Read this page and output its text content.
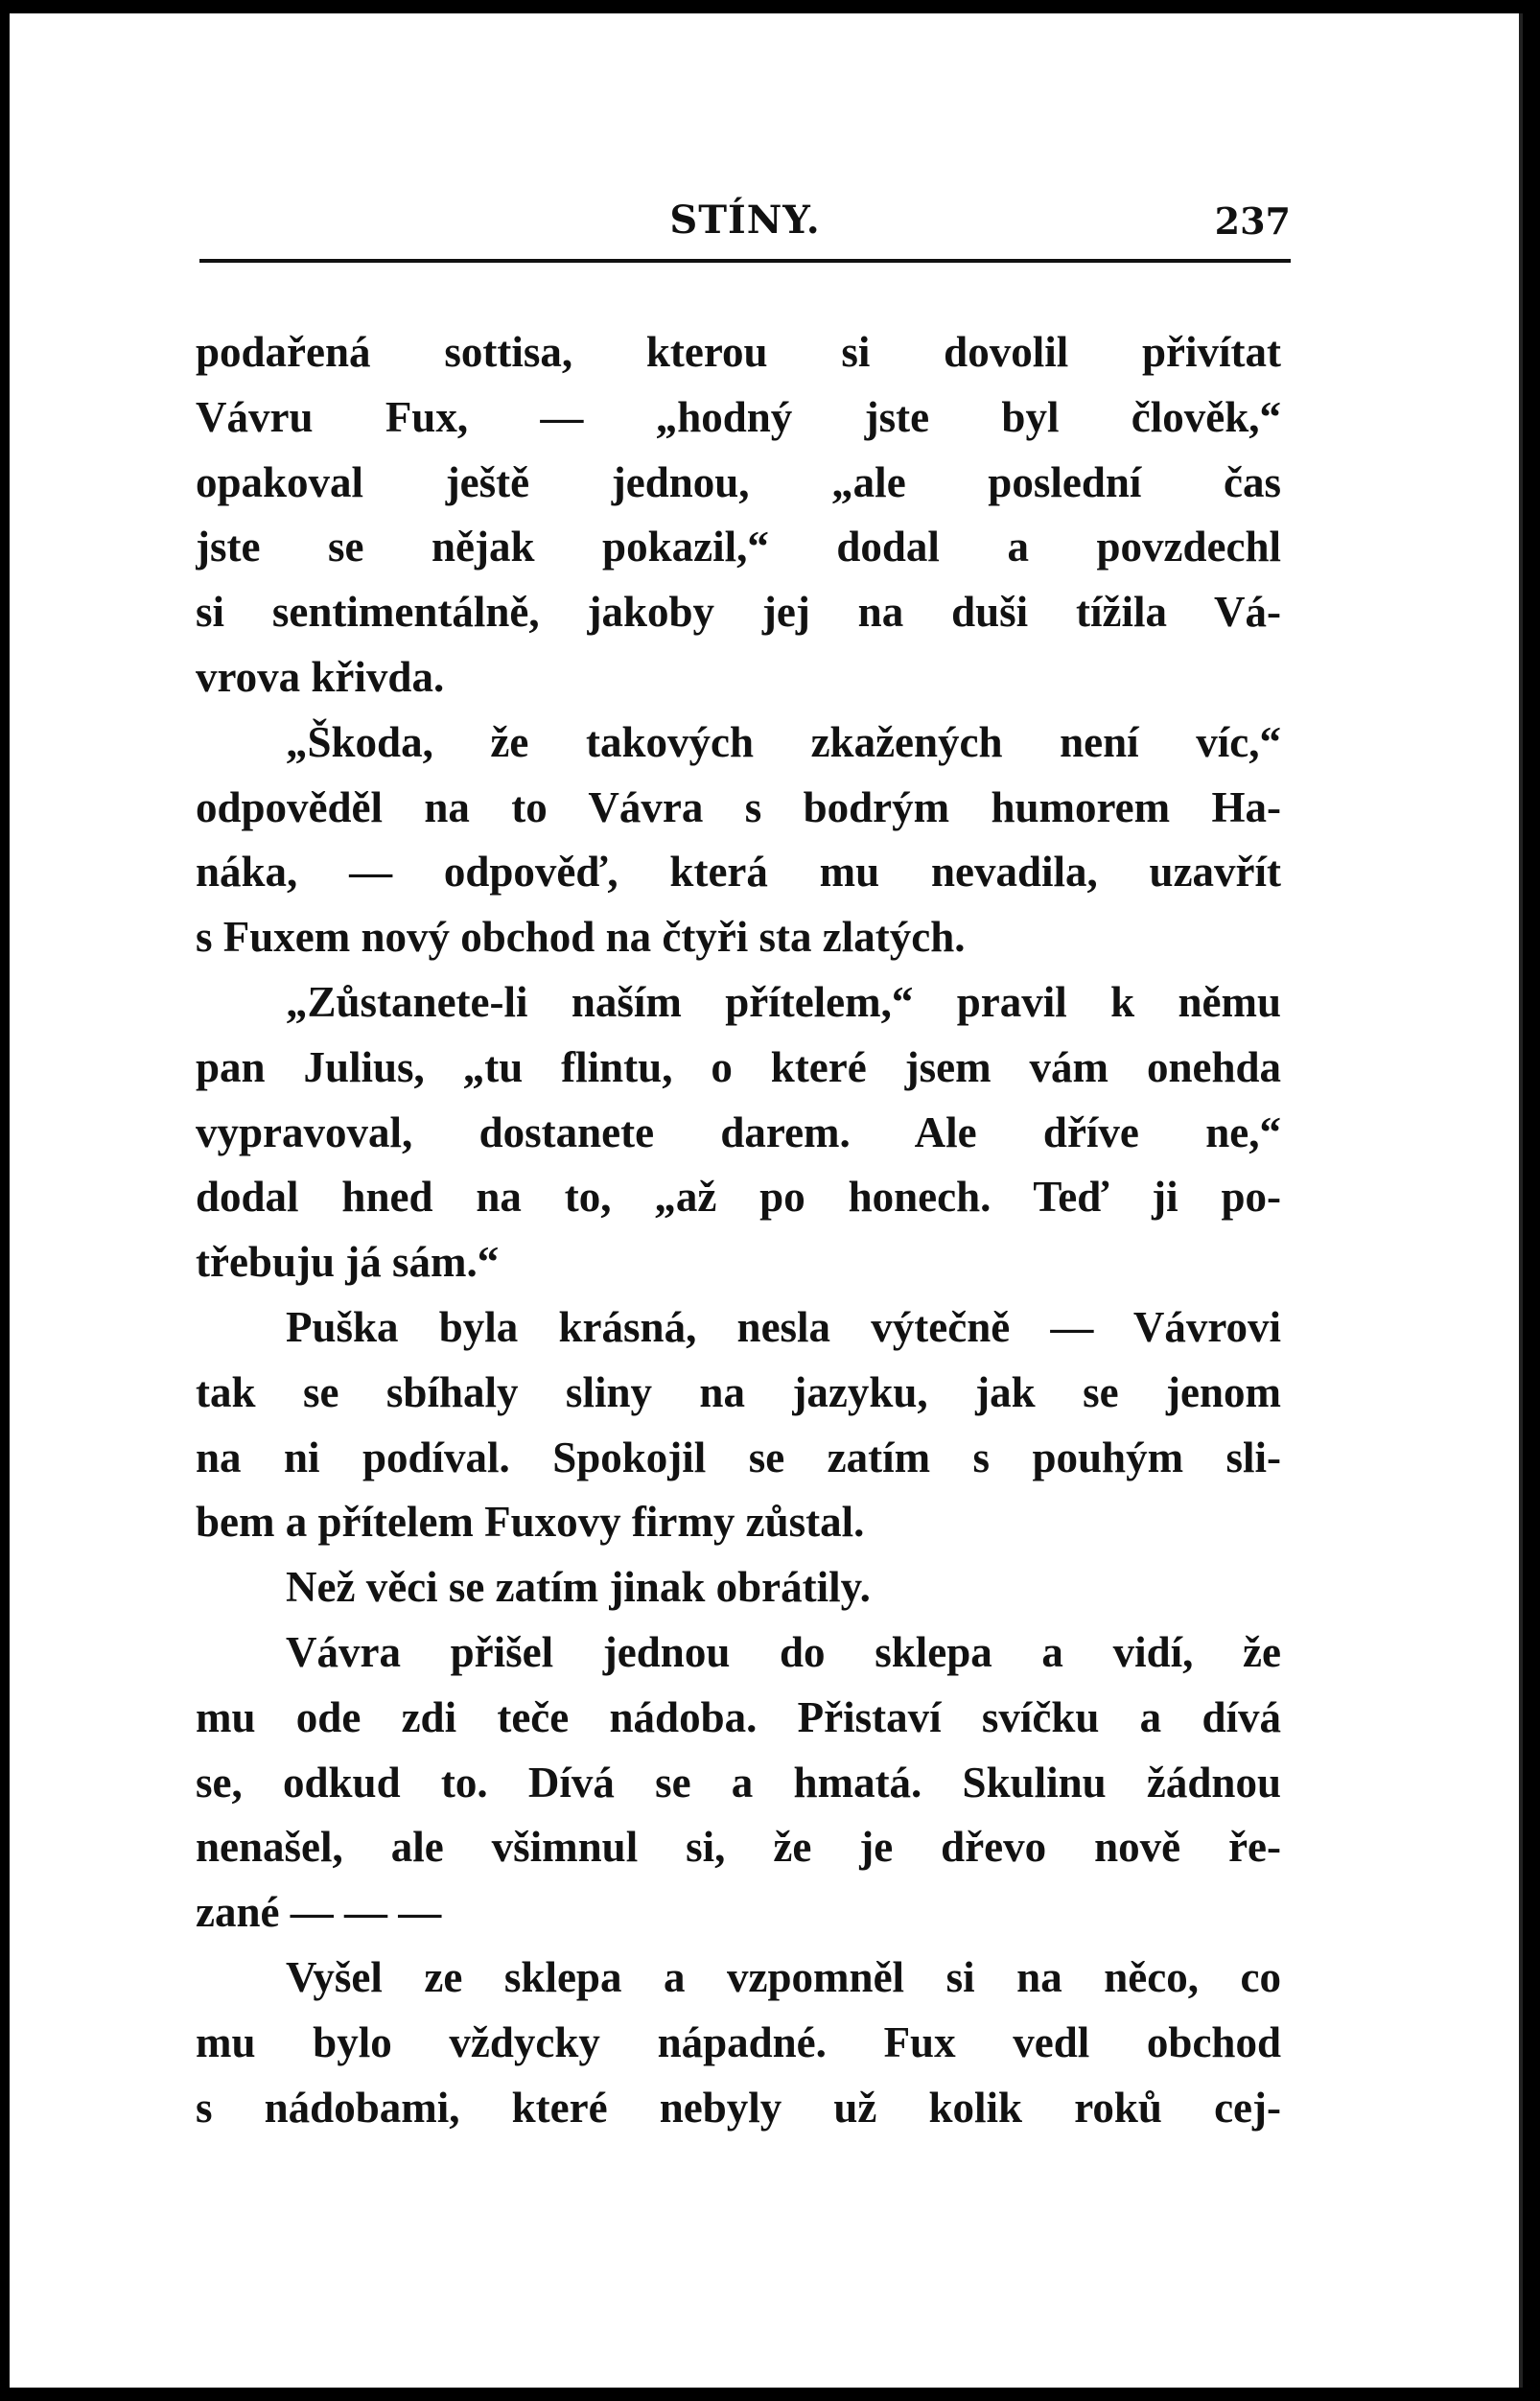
STÍNY.	237
podařená sottisa, kterou si dovolil přivítat
Vávru Fux, — „hodný jste byl člověk,“
opakoval ještě jednou, „ale poslední čas
jste se nějak pokazil,“ dodal a povzdechl
si sentimentálně, jakoby jej na duši tížila Vá-
vrova křivda.
„Škoda, že takových zkažených není víc,“
odpověděl na to Vávra s bodrým humorem Ha-
náka, — odpověď, která mu nevadila, uzavřít
s Fuxem nový obchod na čtyři sta zlatých.
„Zůstanete-li naším přítelem,“ pravil k němu
pan Julius, „tu flintu, o které jsem vám onehda
vypravoval, dostanete darem. Ale dříve ne,“
dodal hned na to, „až po honech. Teď ji po-
třebuju já sám.“
Puška byla krásná, nesla výtečně — Vávrovi
tak se sbíhaly sliny na jazyku, jak se jenom
na ni podíval. Spokojil se zatím s pouhým sli-
bem a přítelem Fuxovy firmy zůstal.
Než věci se zatím jinak obrátily.
Vávra přišel jednou do sklepa a vidí, že
mu ode zdi teče nádoba. Přistaví svíčku a dívá
se, odkud to. Dívá se a hmatá. Skulinu žádnou
nenašel, ale všimnul si, že je dřevo nově ře-
zané — — —
Vyšel ze sklepa a vzpomněl si na něco, co
mu bylo vždycky nápadné. Fux vedl obchod
s nádobami, které nebyly už kolik roků cej-
